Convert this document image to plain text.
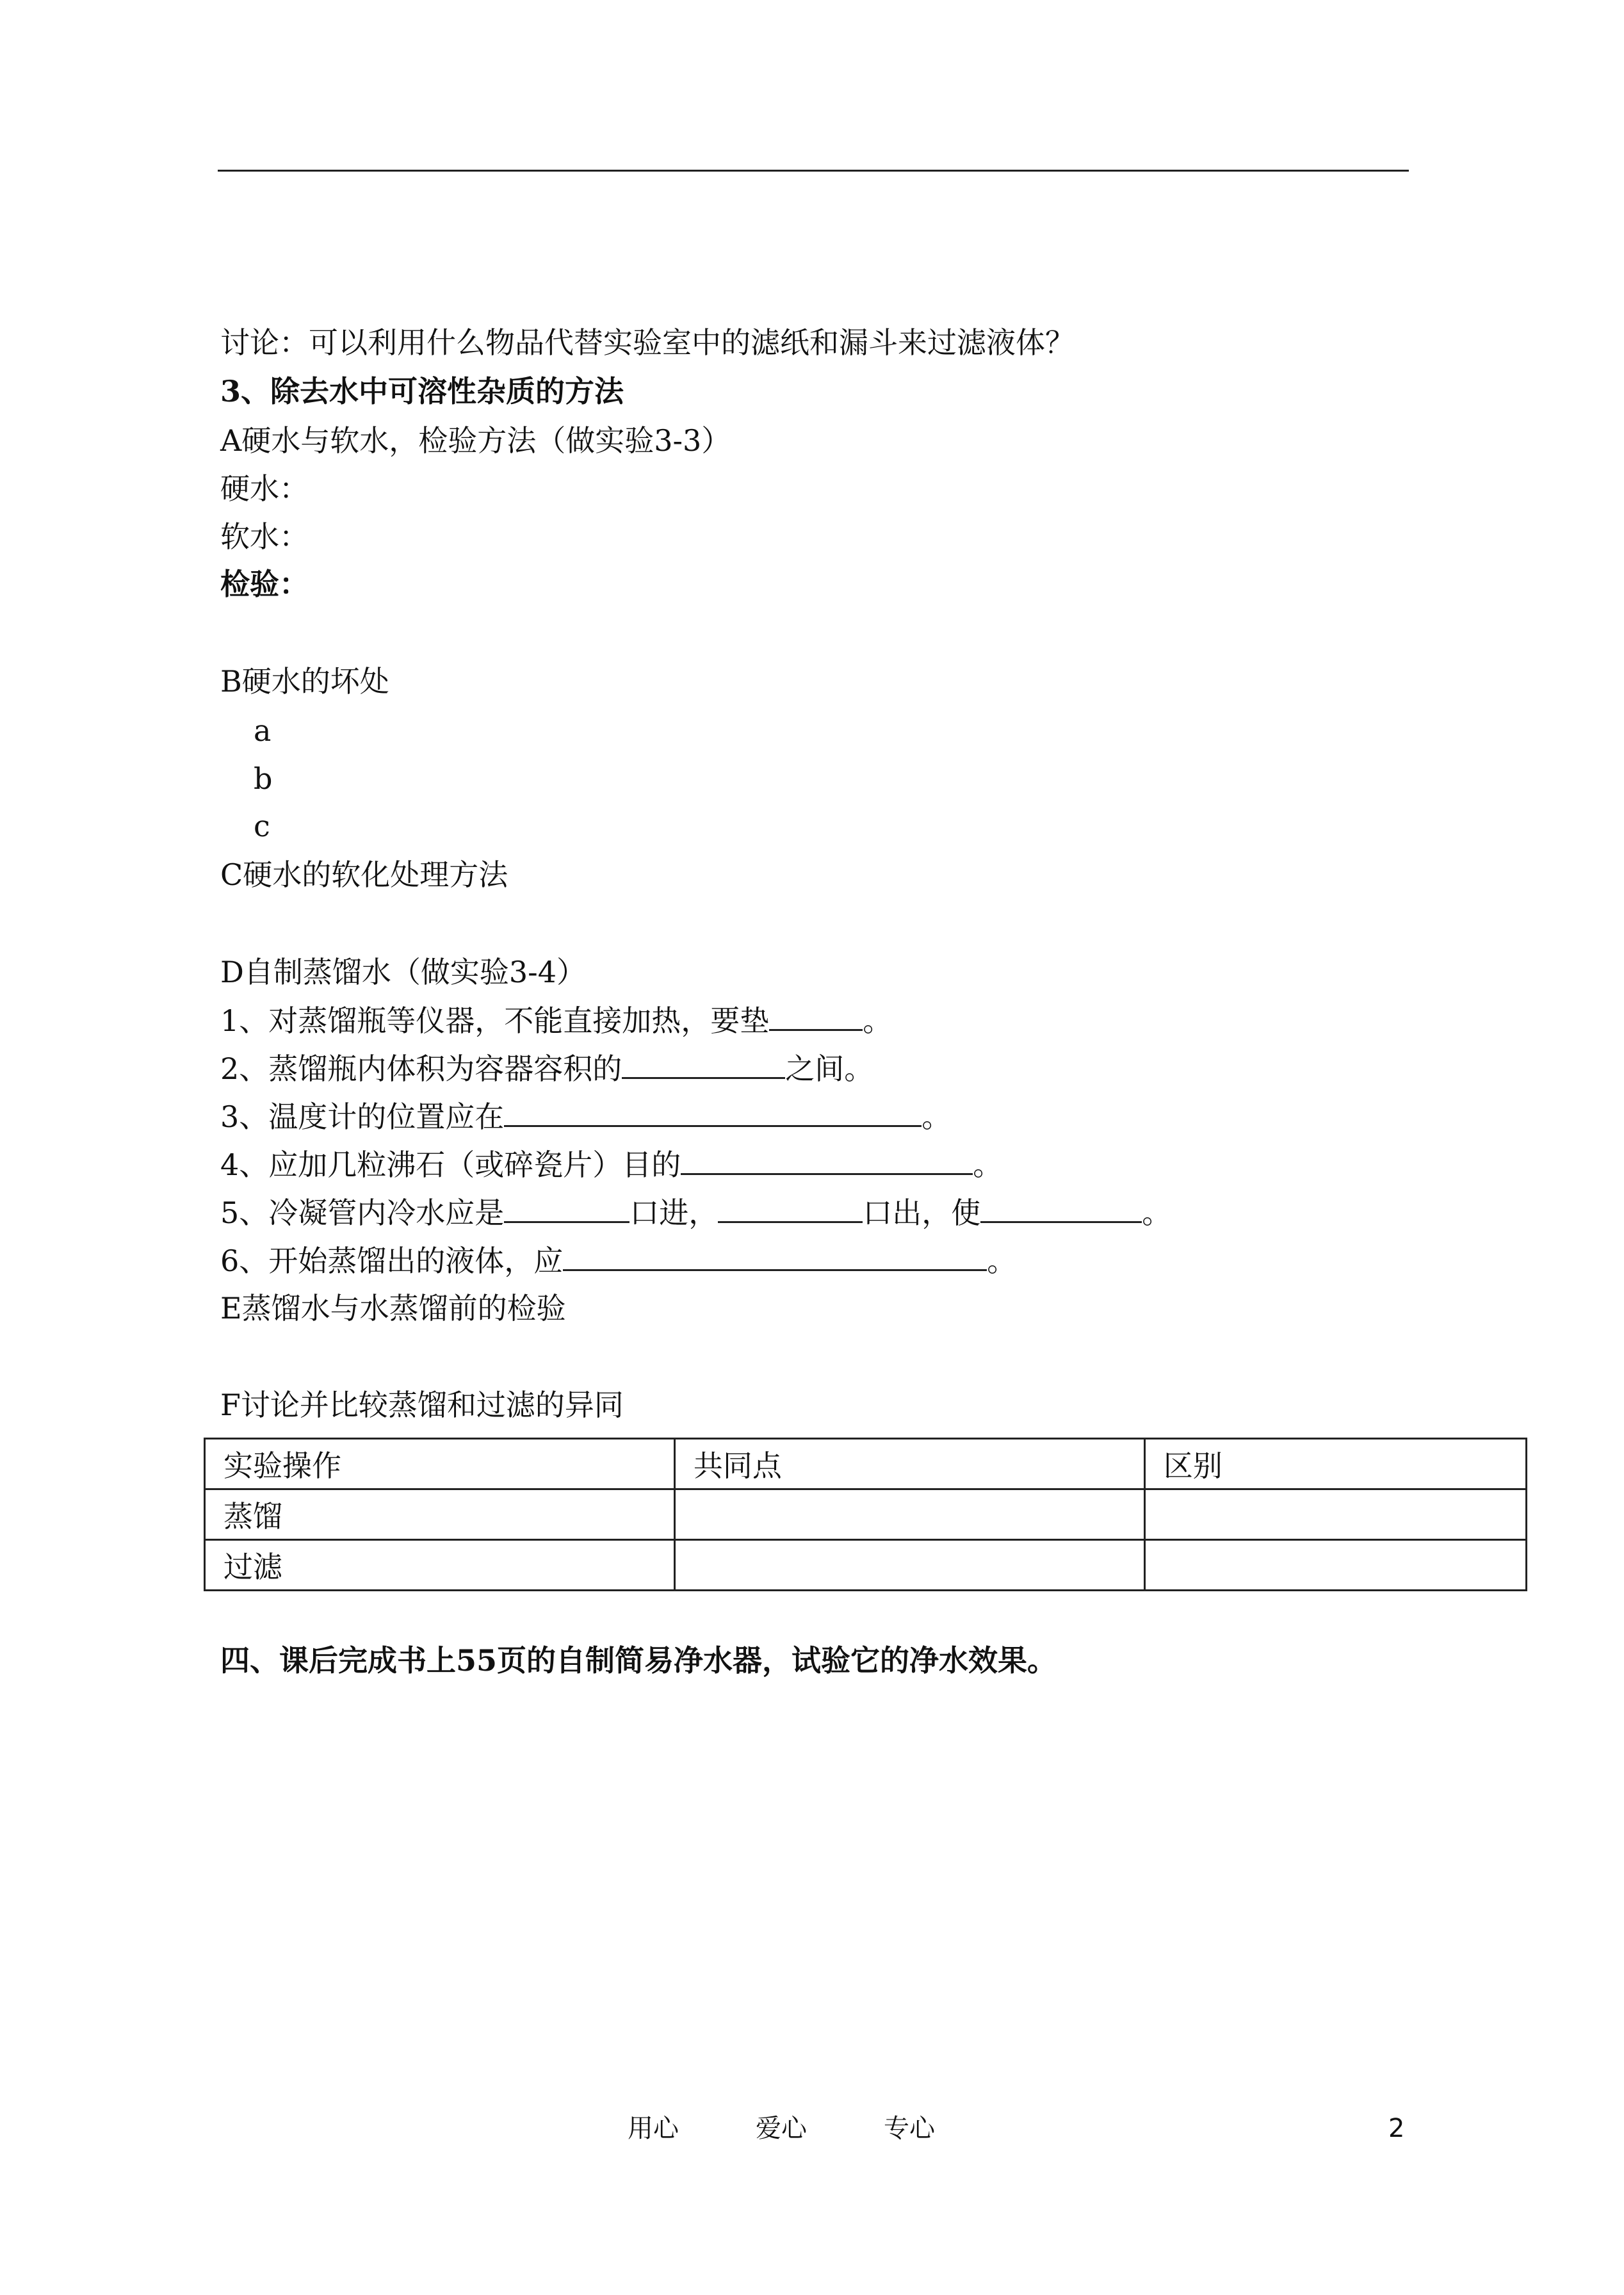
讨论：可以利用什么物品代替实验室中的滤纸和漏斗来过滤液体？
3、除去水中可溶性杂质的方法
A硬水与软水，检验方法（做实验3-3）
硬水：
软水：
检验：
B硬水的坏处
a
b
c
C硬水的软化处理方法
D自制蒸馏水（做实验3-4）
1、对蒸馏瓶等仪器，不能直接加热，要垫	。
2、蒸馏瓶内体积为容器容积的	之间。
3、温度计的位置应在	。
4、应加几粒沸石（或碎瓷片）目的	。
5、冷凝管内冷水应是	口进，	口出，使	。
6、开始蒸馏出的液体，应	。
E蒸馏水与水蒸馏前的检验
F讨论并比较蒸馏和过滤的异同
实验操作	共同点	区别
蒸馏		
过滤		
四、课后完成书上55页的自制简易净水器，试验它的净水效果。
用心	爱心	专心	2
